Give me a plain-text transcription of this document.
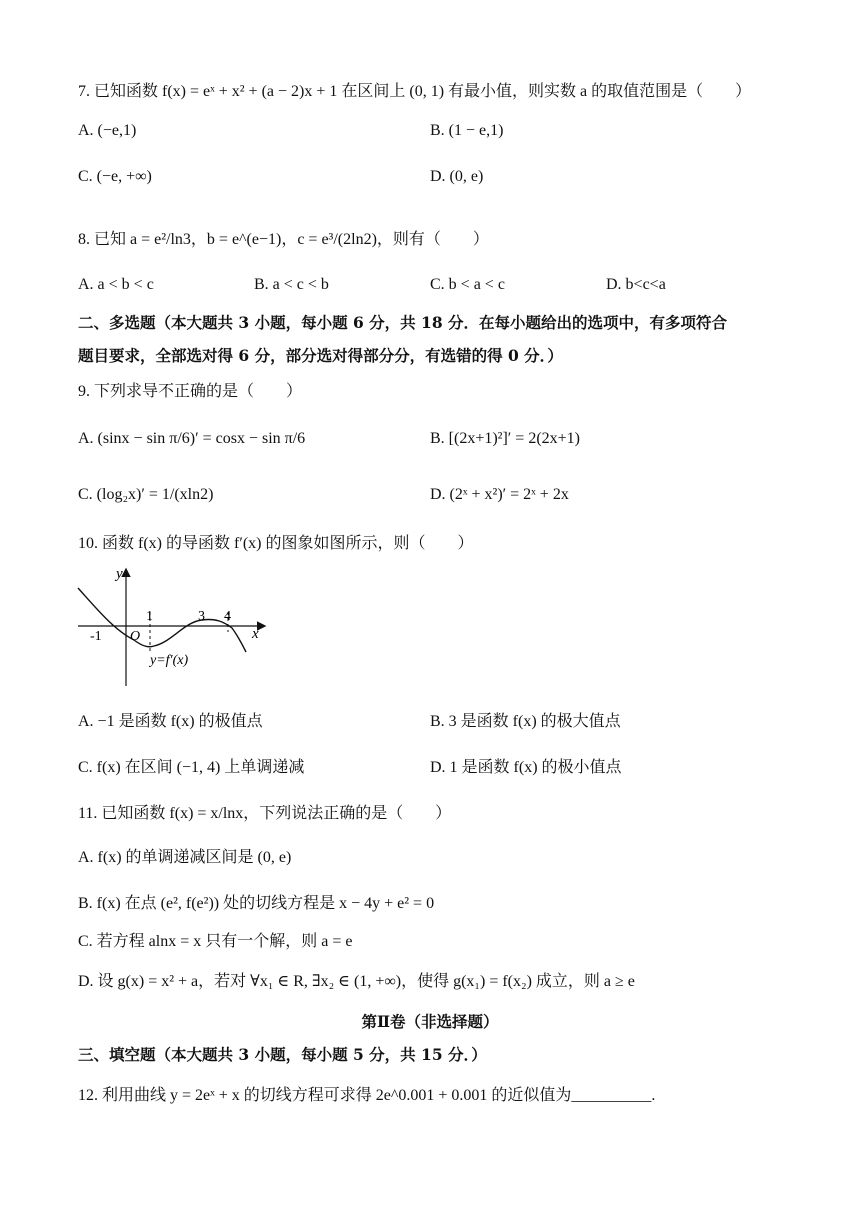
7. 已知函数 f(x) = eˣ + x² + (a − 2)x + 1 在区间上 (0, 1) 有最小值，则实数 a 的取值范围是（　　）
A. (−e,1)	B. (1 − e,1)
C. (−e, +∞)	D. (0, e)
8. 已知 a = e²/ln3，b = e^(e−1)，c = e³/(2ln2)，则有（　　）
A. a < b < c	B. a < c < b	C. b < a < c	D. b<c<a
二、多选题（本大题共 3 小题，每小题 6 分，共 18 分．在每小题给出的选项中，有多项符合
题目要求，全部选对得 6 分，部分选对得部分分，有选错的得 0 分．）
9. 下列求导不正确的是（　　）
A. (sinx − sin π/6)′ = cosx − sin π/6	B. [(2x+1)²]′ = 2(2x+1)
C. (log₂x)′ = 1/(xln2)	D. (2ˣ + x²)′ = 2ˣ + 2x
10. 函数 f(x) 的导函数 f′(x) 的图象如图所示，则（　　）
y
x
O
-1
1	3 4
y=f′(x)
A. −1 是函数 f(x) 的极值点	B. 3 是函数 f(x) 的极大值点
C. f(x) 在区间 (−1, 4) 上单调递减	D. 1 是函数 f(x) 的极小值点
11. 已知函数 f(x) = x/lnx，下列说法正确的是（　　）
A. f(x) 的单调递减区间是 (0, e)
B. f(x) 在点 (e², f(e²)) 处的切线方程是 x − 4y + e² = 0
C. 若方程 alnx = x 只有一个解，则 a = e
D. 设 g(x) = x² + a，若对 ∀x₁ ∈ R, ∃x₂ ∈ (1, +∞)，使得 g(x₁) = f(x₂) 成立，则 a ≥ e
第Ⅱ卷（非选择题）
三、填空题（本大题共 3 小题，每小题 5 分，共 15 分．）
12. 利用曲线 y = 2eˣ + x 的切线方程可求得 2e^0.001 + 0.001 的近似值为__________.
